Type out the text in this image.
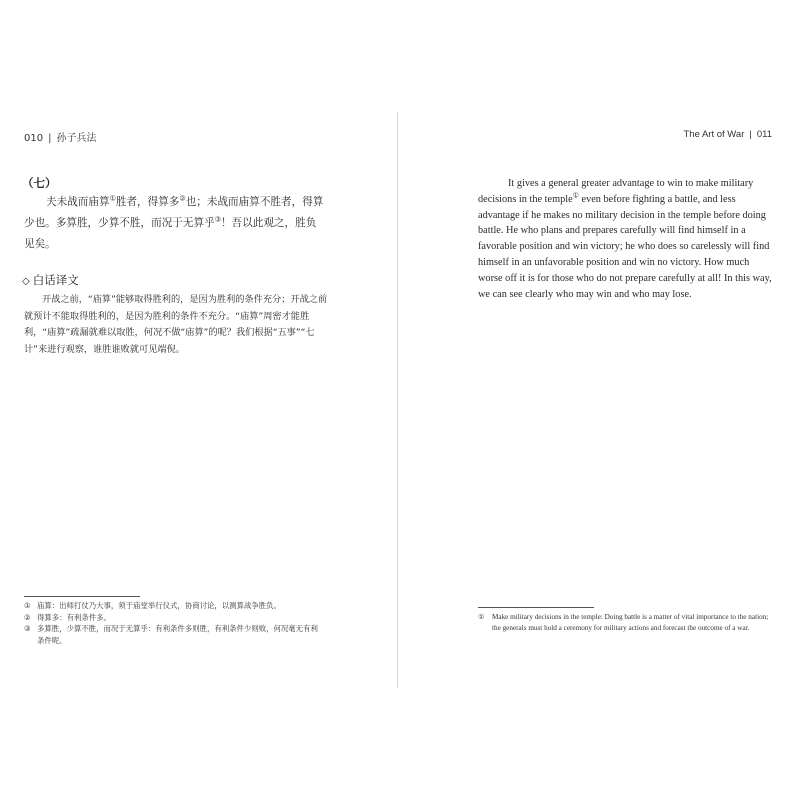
010 | 孙子兵法
（七）
夫未战而庙算①胜者，得算多②也；未战而庙算不胜者，得算少也。多算胜，少算不胜，而况于无算乎③！吾以此观之，胜负见矣。
◇ 白话译文
开战之前，“庙算”能够取得胜利的，是因为胜利的条件充分；开战之前就预计不能取得胜利的，是因为胜利的条件不充分。“庙算”周密才能胜利，“庙算”疏漏就难以取胜，何况不做“庙算”的呢？我们根据“五事”“七计”来进行观察，谁胜谁败就可见端倪。
① 庙算：出师打仗乃大事，须于庙堂举行仪式，协商讨论，以测算战争胜负。
② 得算多：有利条件多。
③ 多算胜，少算不胜，而况于无算乎：有利条件多则胜，有利条件少则败，何况毫无有利条件呢。
The Art of War | 011
It gives a general greater advantage to win to make military decisions in the temple① even before fighting a battle, and less advantage if he makes no military decision in the temple before doing battle. He who plans and prepares carefully will find himself in a favorable position and win victory; he who does so carelessly will find himself in an unfavorable position and win no victory. How much worse off it is for those who do not prepare carefully at all! In this way, we can see clearly who may win and who may lose.
①	Make military decisions in the temple: Doing battle is a matter of vital importance to the nation; the generals must hold a ceremony for military actions and forecast the outcome of a war.
